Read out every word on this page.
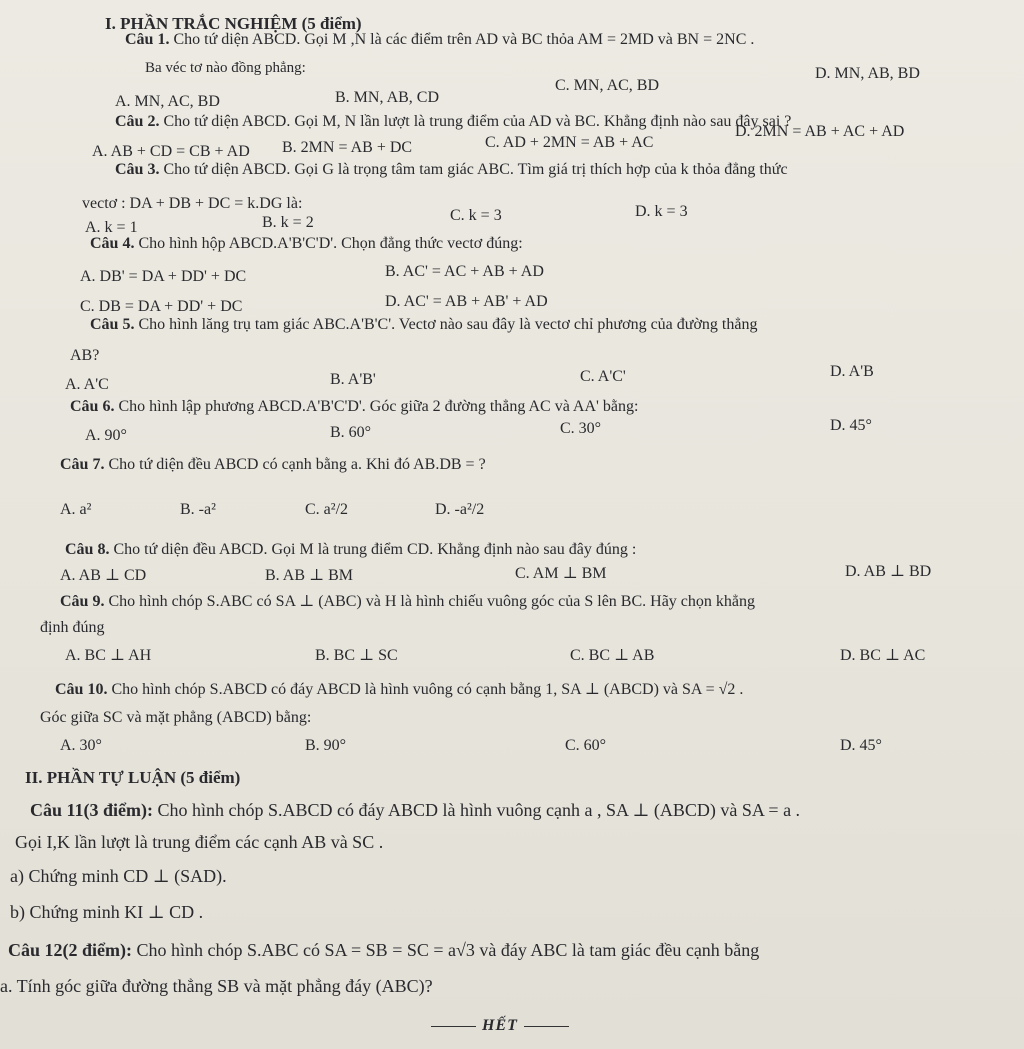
I. PHẦN TRẮC NGHIỆM (5 điểm)
Câu 1. Cho tứ diện ABCD. Gọi M ,N là các điểm trên AD và BC thỏa AM = 2MD và BN = 2NC .
Ba véc tơ nào đồng phẳng:
A. MN, AC, BD	B. MN, AB, CD
C. MN, AC, BD
D. MN, AB, BD
Câu 2. Cho tứ diện ABCD. Gọi M, N lần lượt là trung điểm của AD và BC. Khẳng định nào sau đây sai ?
A. AB + CD = CB + AD B. 2MN = AB + DC	C. AD + 2MN = AB + AC
D. 2MN = AB + AC + AD
Câu 3. Cho tứ diện ABCD. Gọi G là trọng tâm tam giác ABC. Tìm giá trị thích hợp của k thỏa đẳng thức
vectơ : DA + DB + DC = k.DG là:
A. k = 1	B. k = 2	C. k = 3	D. k = 3
Câu 4. Cho hình hộp ABCD.A'B'C'D'. Chọn đẳng thức vectơ đúng:
A. DB' = DA + DD' + DC	B. AC' = AC + AB + AD
C. DB = DA + DD' + DC	D. AC' = AB + AB' + AD
Câu 5. Cho hình lăng trụ tam giác ABC.A'B'C'. Vectơ nào sau đây là vectơ chỉ phương của đường thẳng
AB?
A. A'C	B. A'B'	C. A'C'	D. A'B
Câu 6. Cho hình lập phương ABCD.A'B'C'D'. Góc giữa 2 đường thẳng AC và AA' bằng:
A. 90°	B. 60°	C. 30°	D. 45°
Câu 7. Cho tứ diện đều ABCD có cạnh bằng a. Khi đó AB.DB = ?
A. a²	B. -a²	C. a²/2	D. -a²/2
Câu 8. Cho tứ diện đều ABCD. Gọi M là trung điểm CD. Khẳng định nào sau đây đúng :
A. AB ⊥ CD	B. AB ⊥ BM	C. AM ⊥ BM	D. AB ⊥ BD
Câu 9. Cho hình chóp S.ABC có SA ⊥ (ABC) và H là hình chiếu vuông góc của S lên BC. Hãy chọn khẳng
định đúng
A. BC ⊥ AH	B. BC ⊥ SC	C. BC ⊥ AB	D. BC ⊥ AC
Câu 10. Cho hình chóp S.ABCD có đáy ABCD là hình vuông có cạnh bằng 1, SA ⊥ (ABCD) và SA = √2 .
Góc giữa SC và mặt phẳng (ABCD) bằng:
A. 30°	B. 90°	C. 60°	D. 45°
II. PHẦN TỰ LUẬN (5 điểm)
Câu 11(3 điểm): Cho hình chóp S.ABCD có đáy ABCD là hình vuông cạnh a , SA ⊥ (ABCD) và SA = a .
Gọi I,K lần lượt là trung điểm các cạnh AB và SC .
a) Chứng minh CD ⊥ (SAD).
b) Chứng minh KI ⊥ CD .
Câu 12(2 điểm): Cho hình chóp S.ABC có SA = SB = SC = a√3 và đáy ABC là tam giác đều cạnh bằng
a. Tính góc giữa đường thẳng SB và mặt phẳng đáy (ABC)?
HẾT
